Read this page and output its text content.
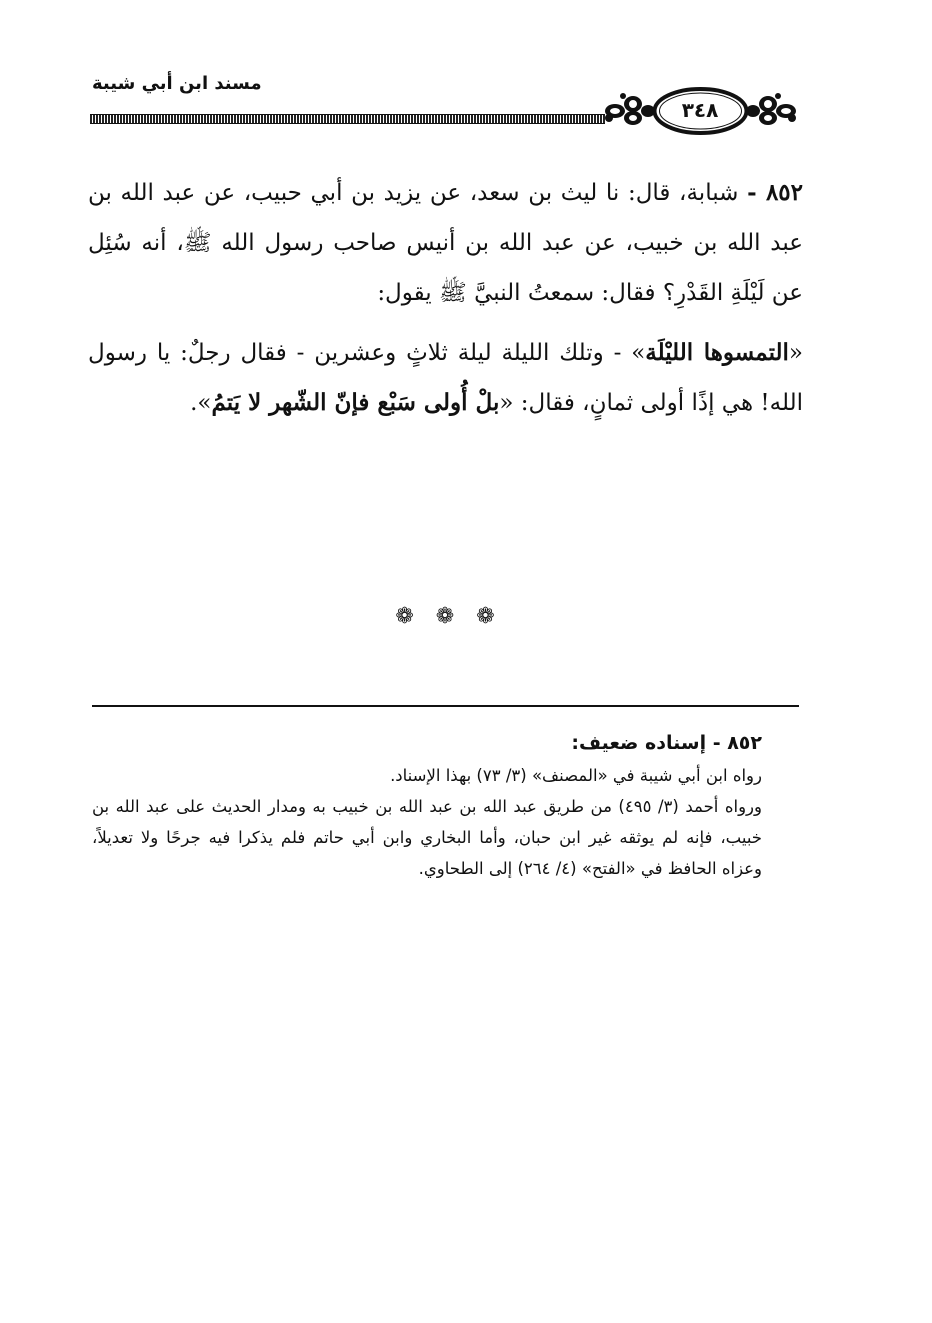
مسند ابن أبي شيبة
٣٤٨

٨٥٢ - شبابة، قال: نا ليث بن سعد، عن يزيد بن أبي حبيب، عن عبد الله بن عبد الله بن خبيب، عن عبد الله بن أنيس صاحب رسول الله ﷺ، أنه سُئِل عن لَيْلَةِ القَدْرِ؟ فقال: سمعتُ النبيَّ ﷺ يقول:

«التمسوها الليْلَة» - وتلك الليلة ليلة ثلاثٍ وعشرين - فقال رجلٌ: يا رسول الله! هي إذًا أولى ثمانٍ، فقال: «بلْ أُولى سَبْع فإنّ الشّهر لا يَتمُ».

❁ ❁ ❁

٨٥٢ - إسناده ضعيف:

رواه ابن أبي شيبة في «المصنف» (٣/ ٧٣) بهذا الإسناد.

ورواه أحمد (٣/ ٤٩٥) من طريق عبد الله بن عبد الله بن خبيب به ومدار الحديث على عبد الله بن خبيب، فإنه لم يوثقه غير ابن حبان، وأما البخاري وابن أبي حاتم فلم يذكرا فيه جرحًا ولا تعديلاً، وعزاه الحافظ في «الفتح» (٤/ ٢٦٤) إلى الطحاوي.
